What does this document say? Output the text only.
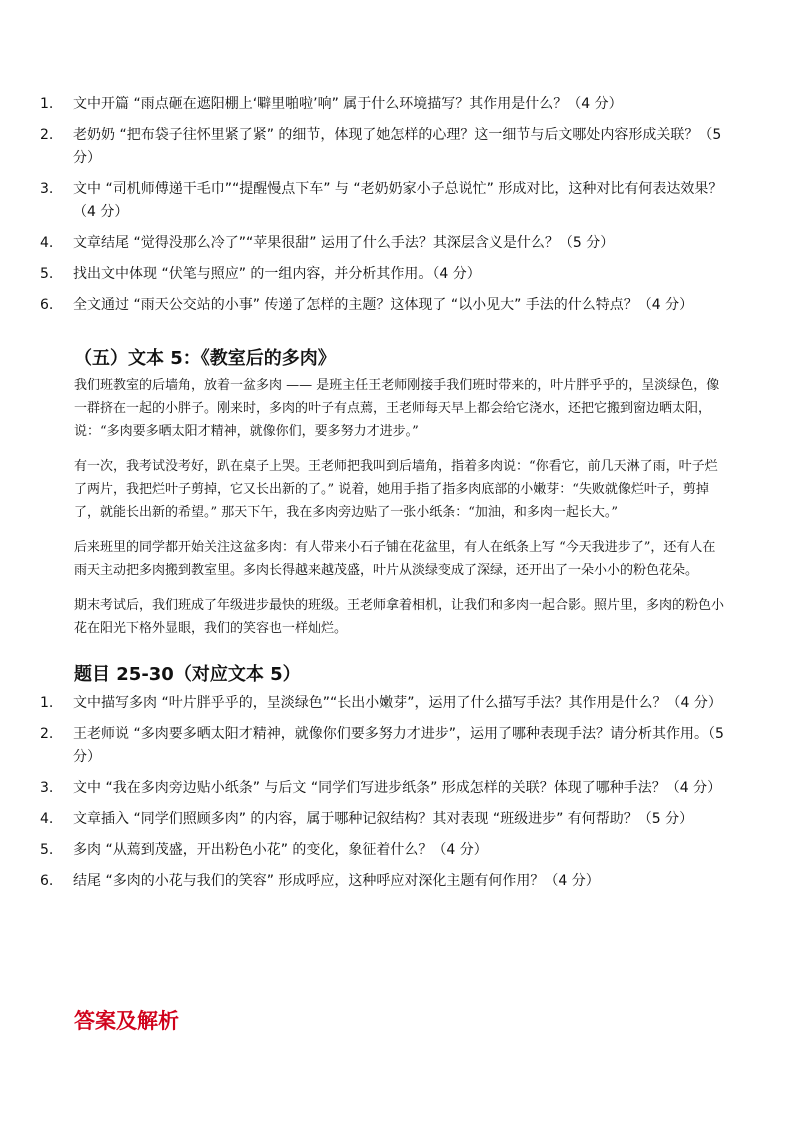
1. 文中开篇 “雨点砸在遮阳棚上‘噼里啪啦’响” 属于什么环境描写？其作用是什么？（4 分）
2. 老奶奶 “把布袋子往怀里紧了紧” 的细节，体现了她怎样的心理？这一细节与后文哪处内容形成关联？（5 分）
3. 文中 “司机师傅递干毛巾”“提醒慢点下车” 与 “老奶奶家小子总说忙” 形成对比，这种对比有何表达效果？（4 分）
4. 文章结尾 “觉得没那么冷了”“苹果很甜” 运用了什么手法？其深层含义是什么？（5 分）
5. 找出文中体现 “伏笔与照应” 的一组内容，并分析其作用。（4 分）
6. 全文通过 “雨天公交站的小事” 传递了怎样的主题？这体现了 “以小见大” 手法的什么特点？（4 分）
（五）文本 5：《教室后的多肉》

我们班教室的后墙角，放着一盆多肉 —— 是班主任王老师刚接手我们班时带来的，叶片胖乎乎的，呈淡绿色，像一群挤在一起的小胖子。刚来时，多肉的叶子有点蔫，王老师每天早上都会给它浇水，还把它搬到窗边晒太阳，说：“多肉要多晒太阳才精神，就像你们，要多努力才进步。”

有一次，我考试没考好，趴在桌子上哭。王老师把我叫到后墙角，指着多肉说：“你看它，前几天淋了雨，叶子烂了两片，我把烂叶子剪掉，它又长出新的了。” 说着，她用手指了指多肉底部的小嫩芽：“失败就像烂叶子，剪掉了，就能长出新的希望。” 那天下午，我在多肉旁边贴了一张小纸条：“加油，和多肉一起长大。”

后来班里的同学都开始关注这盆多肉：有人带来小石子铺在花盆里，有人在纸条上写 “今天我进步了”，还有人在雨天主动把多肉搬到教室里。多肉长得越来越茂盛，叶片从淡绿变成了深绿，还开出了一朵小小的粉色花朵。

期末考试后，我们班成了年级进步最快的班级。王老师拿着相机，让我们和多肉一起合影。照片里，多肉的粉色小花在阳光下格外显眼，我们的笑容也一样灿烂。

题目 25-30（对应文本 5）
1. 文中描写多肉 “叶片胖乎乎的，呈淡绿色”“长出小嫩芽”，运用了什么描写手法？其作用是什么？（4 分）
2. 王老师说 “多肉要多晒太阳才精神，就像你们要多努力才进步”，运用了哪种表现手法？请分析其作用。（5 分）
3. 文中 “我在多肉旁边贴小纸条” 与后文 “同学们写进步纸条” 形成怎样的关联？体现了哪种手法？（4 分）
4. 文章插入 “同学们照顾多肉” 的内容，属于哪种记叙结构？其对表现 “班级进步” 有何帮助？（5 分）
5. 多肉 “从蔫到茂盛，开出粉色小花” 的变化，象征着什么？（4 分）
6. 结尾 “多肉的小花与我们的笑容” 形成呼应，这种呼应对深化主题有何作用？（4 分）
答案及解析
